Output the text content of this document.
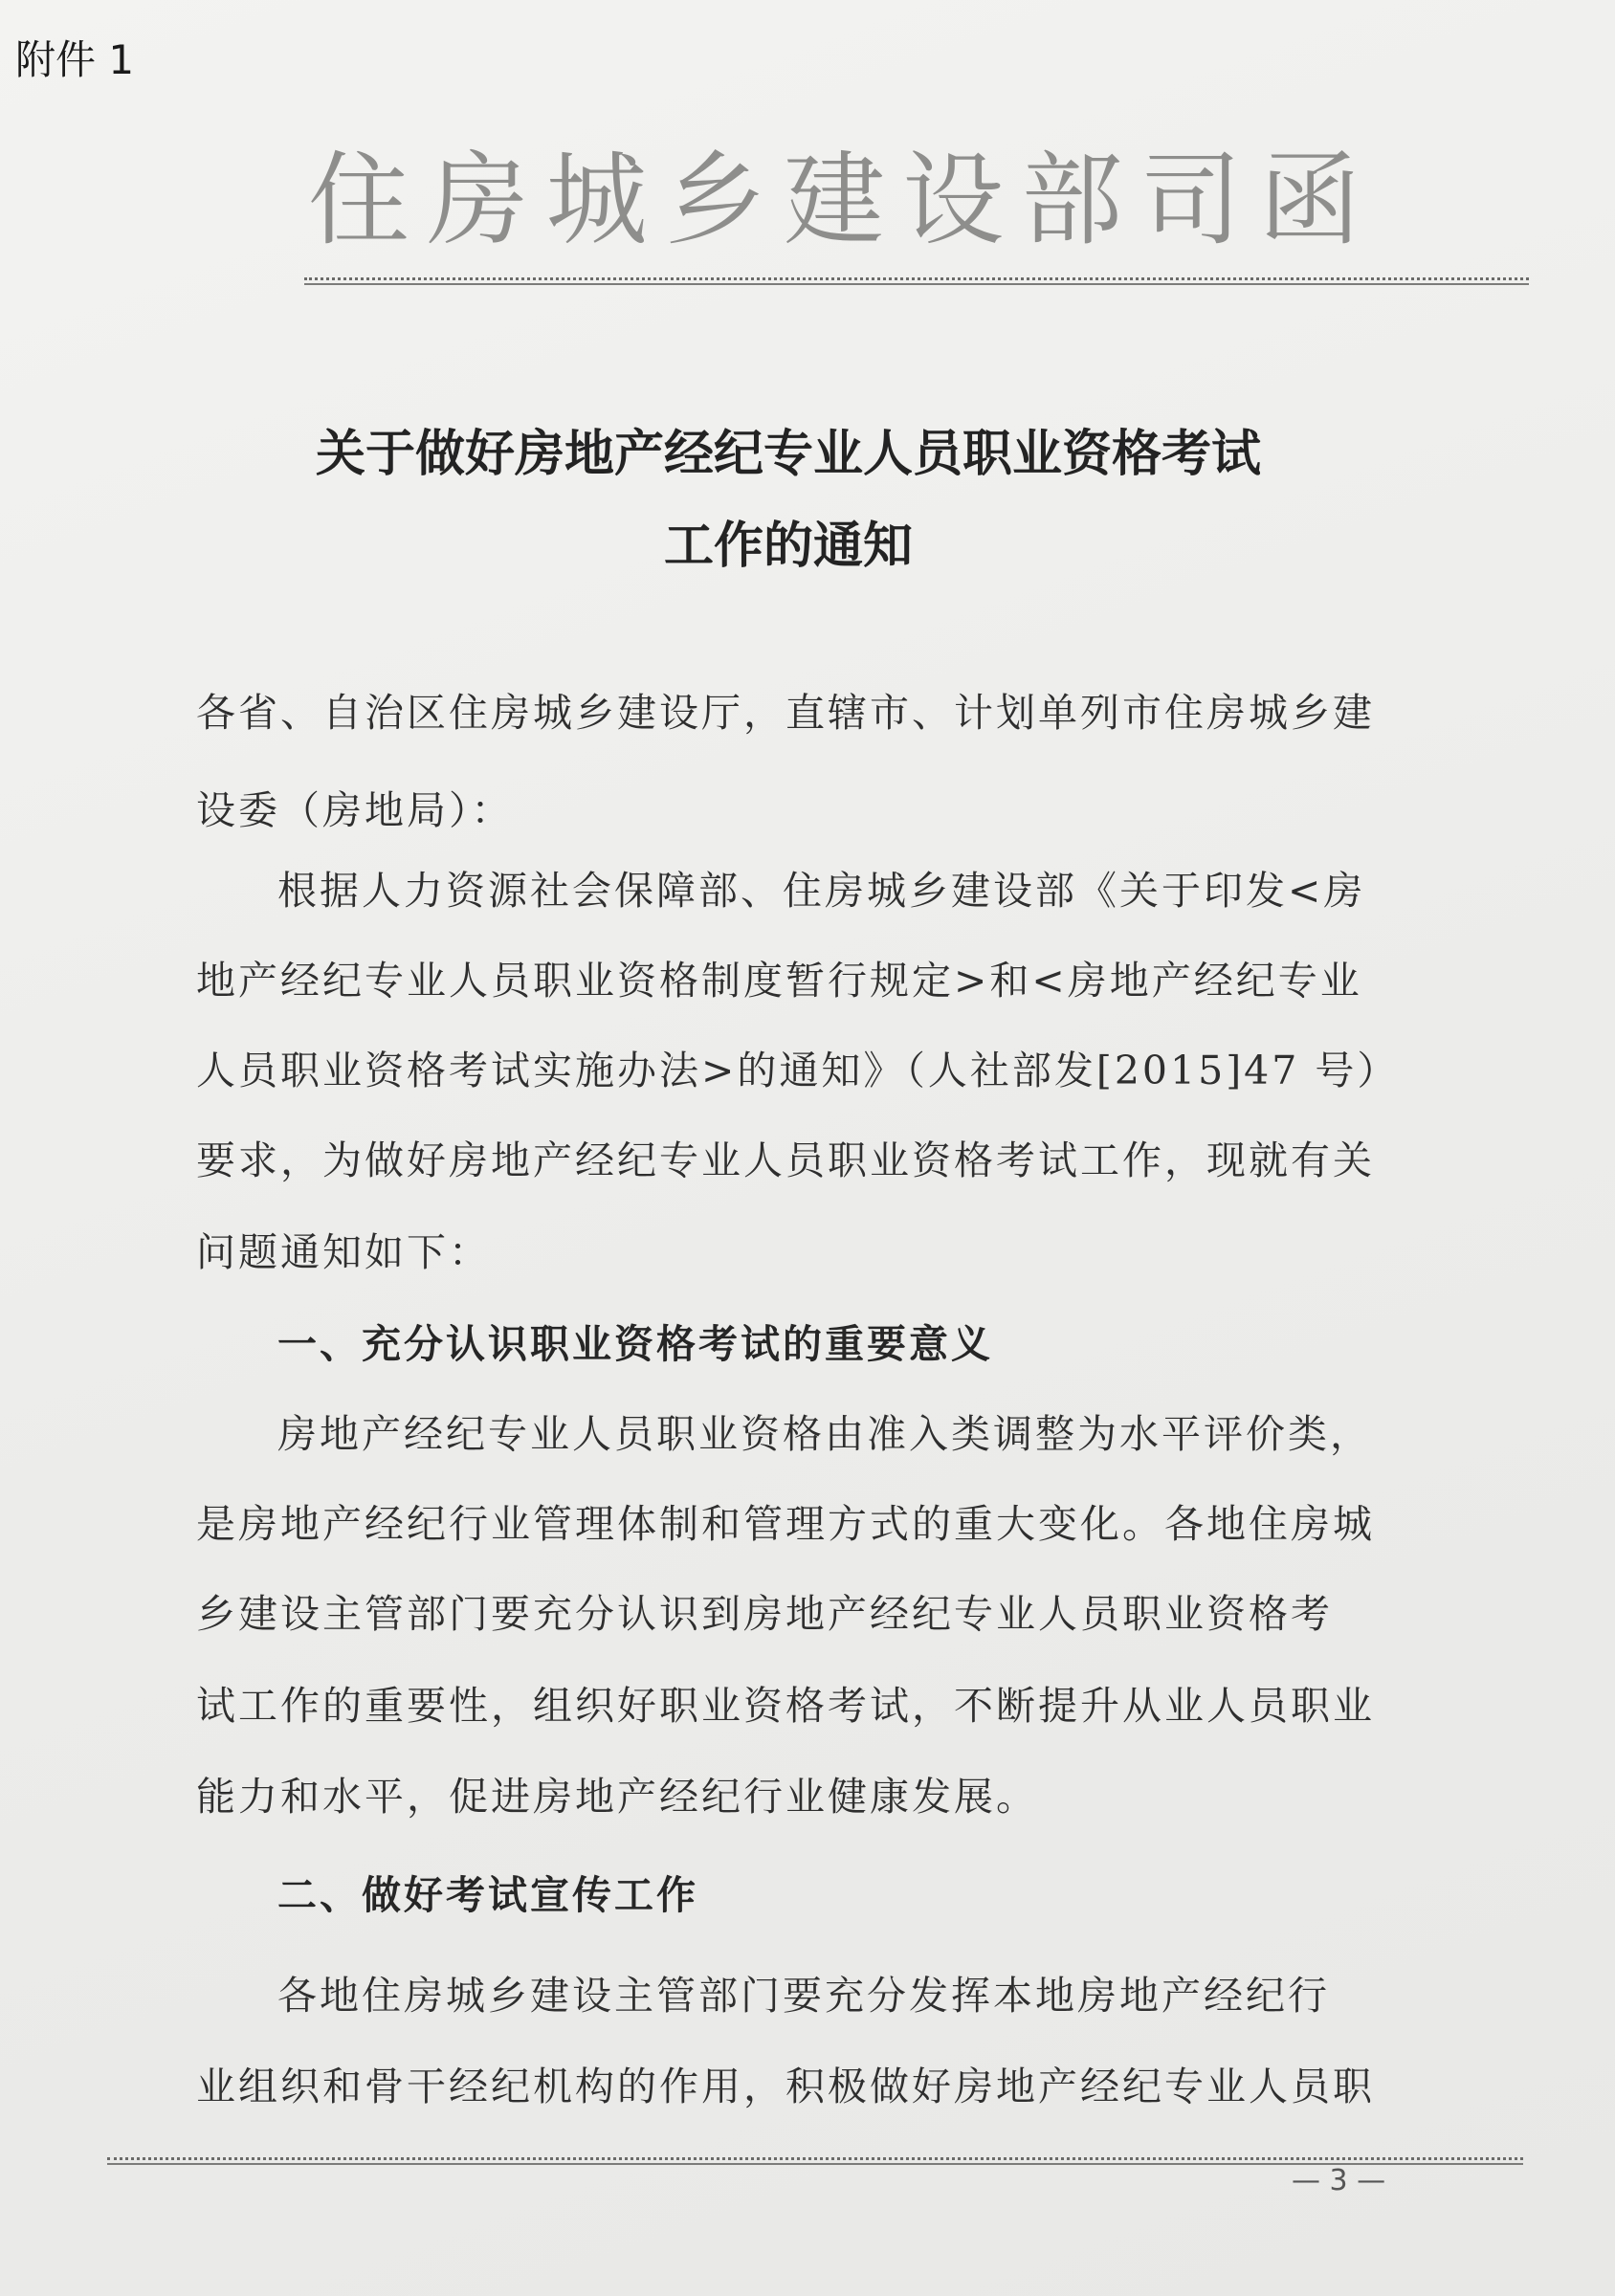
附件 1
住 房 城 乡 建 设 部 司 函
关于做好房地产经纪专业人员职业资格考试
工作的通知
各省、自治区住房城乡建设厅，直辖市、计划单列市住房城乡建
设委（房地局）：
根据人力资源社会保障部、住房城乡建设部《关于印发<房
地产经纪专业人员职业资格制度暂行规定>和<房地产经纪专业
人员职业资格考试实施办法>的通知》（人社部发[2015]47 号）
要求，为做好房地产经纪专业人员职业资格考试工作，现就有关
问题通知如下：
一、充分认识职业资格考试的重要意义
房地产经纪专业人员职业资格由准入类调整为水平评价类，
是房地产经纪行业管理体制和管理方式的重大变化。各地住房城
乡建设主管部门要充分认识到房地产经纪专业人员职业资格考
试工作的重要性，组织好职业资格考试，不断提升从业人员职业
能力和水平，促进房地产经纪行业健康发展。
二、做好考试宣传工作
各地住房城乡建设主管部门要充分发挥本地房地产经纪行
业组织和骨干经纪机构的作用，积极做好房地产经纪专业人员职
— 3 —
